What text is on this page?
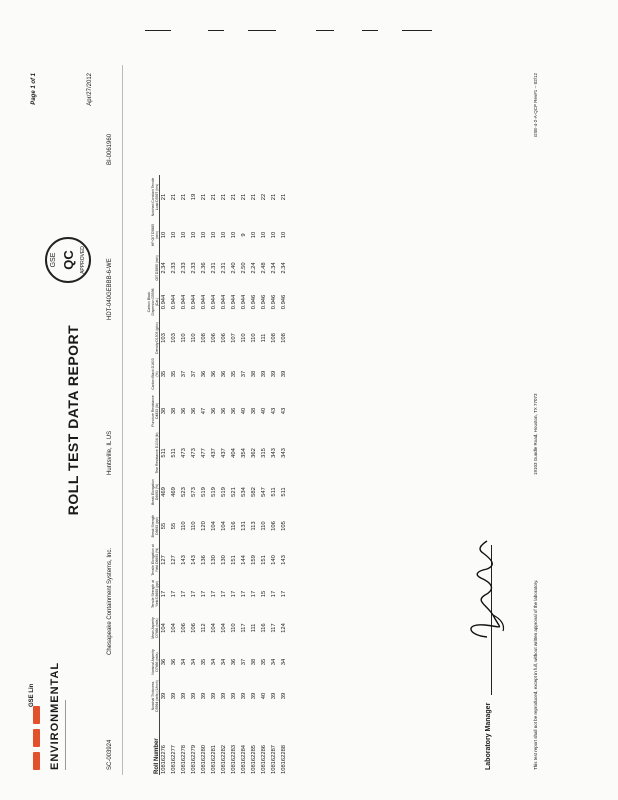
GSE Lin ENVIRONMENTAL
ROLL TEST DATA REPORT
Page 1 of 1	Apr/27/2012
GSE QC APPROVED
SC-003924
Chesapeake Containment Systems, Inc.
Huntsville, IL US
HDT-040GEBBB-6-WE
BI-0061960
Roll Number	Nominal Thickness D5994 (mils) (1/inch)	Nominal Asperity D7466 (mils)	Mean Asperity D7466 (mils)	Tensile Strength at Yield D6693 (ppi)	Tensile Elongation at Yield D6693 (%)	Break Strength D6693 (ppi)	Break Elongation D6693 (%)	Tear Resistance D1004 (lb)	Puncture Resistance D4833 (lb)	Carbon Black D1603 (%)	Density D1505 (g/cc)	Carbon Black Dispersion D5596 (Cat.)	OIT D3895 (min)	HP OIT D5885 (min)	Notched Constant Tensile Load D5397 (hrs)
108162276	39	36	104	17	127	55	469	511	38	35	103	0.944	2.34	10	21
108162277	39	36	104	17	127	55	469	511	38	35	103	0.944	2.33	10	21
108162278	39	34	106	17	143	110	523	473	36	37	110	0.944	2.33	10	21
108162279	39	34	106	17	143	110	573	473	36	37	110	0.944	2.33	10	19
108162280	39	35	112	17	136	120	519	477	47	36	108	0.944	2.36	10	21
108162281	39	34	104	17	130	104	519	437	36	36	106	0.944	2.31	10	21
108162282	39	34	104	17	130	104	519	437	36	36	106	0.944	2.31	10	21
108162283	39	36	110	17	151	116	521	404	36	35	107	0.944	2.40	10	21
108162284	39	37	117	17	144	131	534	354	40	37	110	0.944	2.50	9	21
108162285	39	38	111	17	159	113	582	362	38	38	110	0.946	2.24	10	21
108162286	40	35	116	15	151	110	547	315	40	39	111	0.946	2.48	10	22
108162287	39	34	117	17	140	106	511	343	43	39	108	0.946	2.34	10	21
108162288	39	34	124	17	143	105	511	343	43	39	108	0.946	2.34	10	21
Laboratory Manager	This test report shall not be reproduced, except in full, without written approval of the laboratory.
19103 Gundle Road, Houston, TX 77073
GSE-4-2-A-QCP Rev#1 -- 02/12
